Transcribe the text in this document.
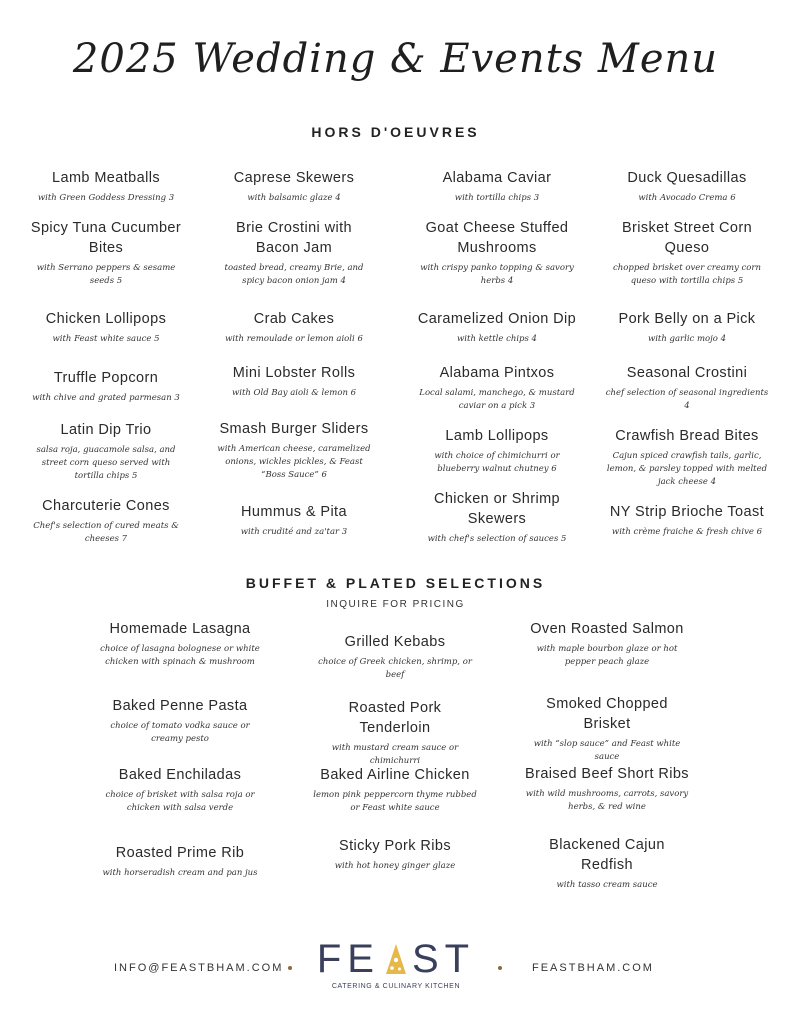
2025 Wedding & Events Menu
HORS D'OEUVRES
Lamb Meatballs
with Green Goddess Dressing 3
Spicy Tuna Cucumber Bites
with Serrano peppers & sesame seeds 5
Chicken Lollipops
with Feast white sauce 5
Truffle Popcorn
with chive and grated parmesan 3
Latin Dip Trio
salsa roja, guacamole salsa, and street corn queso served with tortilla chips 5
Charcuterie Cones
Chef's selection of cured meats & cheeses 7
Caprese Skewers
with balsamic glaze 4
Brie Crostini with Bacon Jam
toasted bread, creamy Brie, and spicy bacon onion jam 4
Crab Cakes
with remoulade or lemon aioli 6
Mini Lobster Rolls
with Old Bay aioli & lemon 6
Smash Burger Sliders
with American cheese, caramelized onions, wickles pickles, & Feast “Boss Sauce” 6
Hummus & Pita
with crudité and za'tar 3
Alabama Caviar
with tortilla chips 3
Goat Cheese Stuffed Mushrooms
with crispy panko topping & savory herbs 4
Caramelized Onion Dip
with kettle chips 4
Alabama Pintxos
Local salami, manchego, & mustard caviar on a pick 3
Lamb Lollipops
with choice of chimichurri or blueberry walnut chutney 6
Chicken or Shrimp Skewers
with chef's selection of sauces 5
Duck Quesadillas
with Avocado Crema 6
Brisket Street Corn Queso
chopped brisket over creamy corn queso with tortilla chips 5
Pork Belly on a Pick
with garlic mojo 4
Seasonal Crostini
chef selection of seasonal ingredients 4
Crawfish Bread Bites
Cajun spiced crawfish tails, garlic, lemon, & parsley topped with melted jack cheese 4
NY Strip Brioche Toast
with crème fraiche & fresh chive 6
BUFFET & PLATED SELECTIONS
INQUIRE FOR PRICING
Homemade Lasagna
choice of lasagna bolognese or white chicken with spinach & mushroom
Baked Penne Pasta
choice of tomato vodka sauce or creamy pesto
Baked Enchiladas
choice of brisket with salsa roja or chicken with salsa verde
Roasted Prime Rib
with horseradish cream and pan jus
Grilled Kebabs
choice of Greek chicken, shrimp, or beef
Roasted Pork Tenderloin
with mustard cream sauce or chimichurri
Baked Airline Chicken
lemon pink peppercorn thyme rubbed or Feast white sauce
Sticky Pork Ribs
with hot honey ginger glaze
Oven Roasted Salmon
with maple bourbon glaze or hot pepper peach glaze
Smoked Chopped Brisket
with “slop sauce” and Feast white sauce
Braised Beef Short Ribs
with wild mushrooms, carrots, savory herbs, & red wine
Blackened Cajun Redfish
with tasso cream sauce
INFO@FEASTBHAM.COM FE ST
CATERING & CULINARY KITCHEN
FEASTBHAM.COM
